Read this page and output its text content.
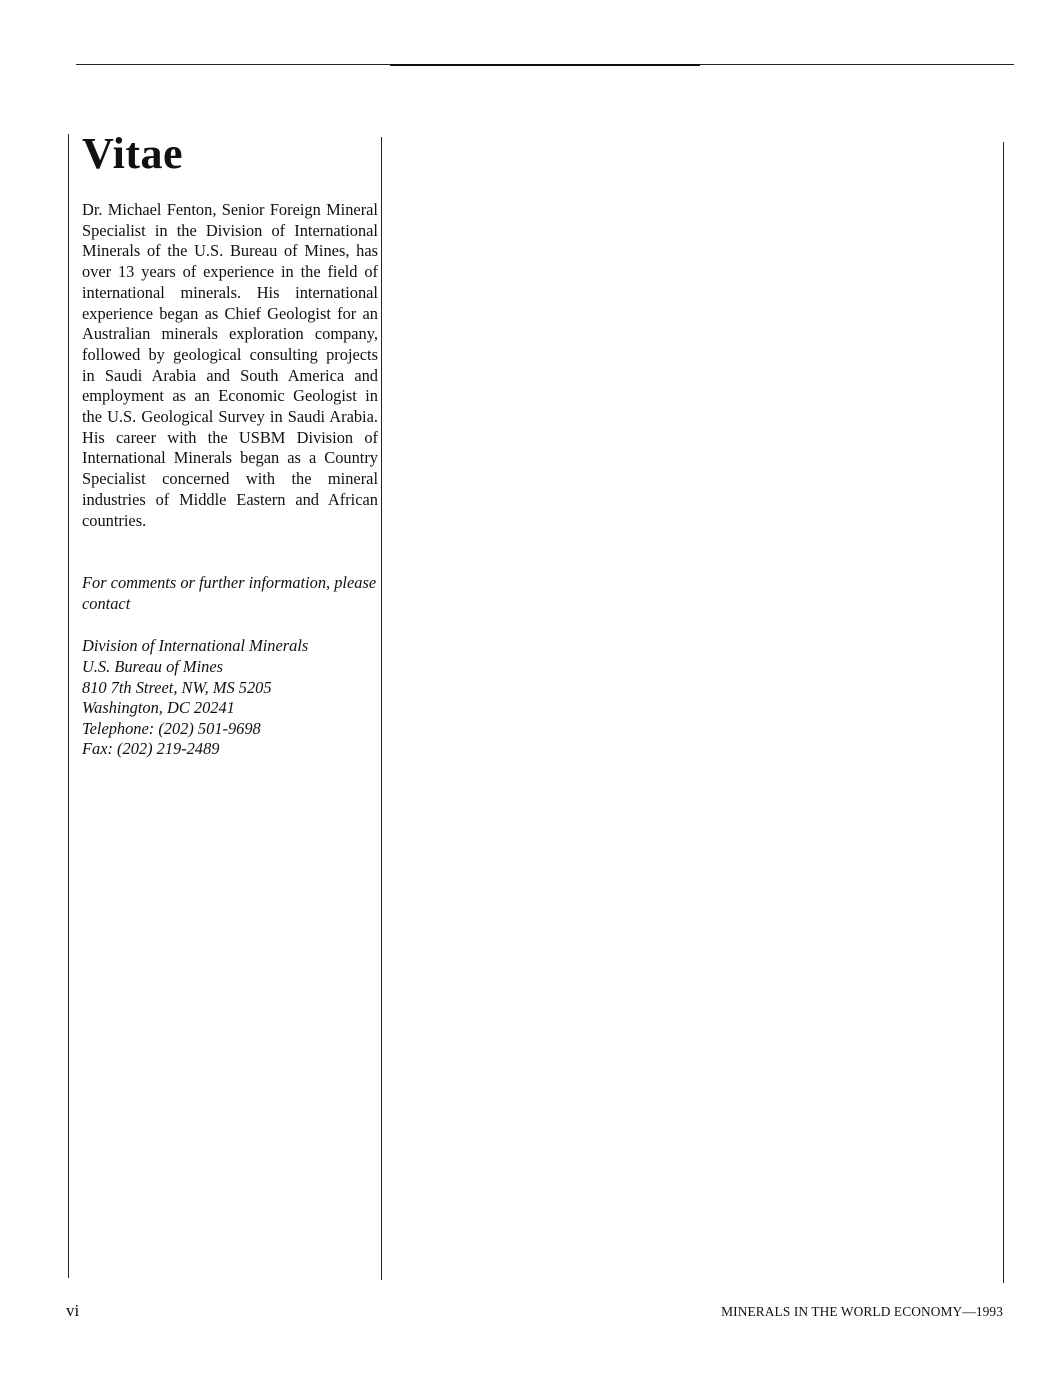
Vitae

Dr. Michael Fenton, Senior Foreign Mineral Specialist in the Division of International Minerals of the U.S. Bureau of Mines, has over 13 years of experience in the field of international minerals. His international experience began as Chief Geologist for an Australian minerals exploration company, followed by geological consulting projects in Saudi Arabia and South America and employment as an Economic Geologist in the U.S. Geological Survey in Saudi Arabia. His career with the USBM Division of International Minerals began as a Country Specialist concerned with the mineral industries of Middle Eastern and African countries.

For comments or further information, please contact

Division of International Minerals
U.S. Bureau of Mines
810 7th Street, NW, MS 5205
Washington, DC 20241
Telephone: (202) 501-9698
Fax: (202) 219-2489
vi	MINERALS IN THE WORLD ECONOMY—1993
